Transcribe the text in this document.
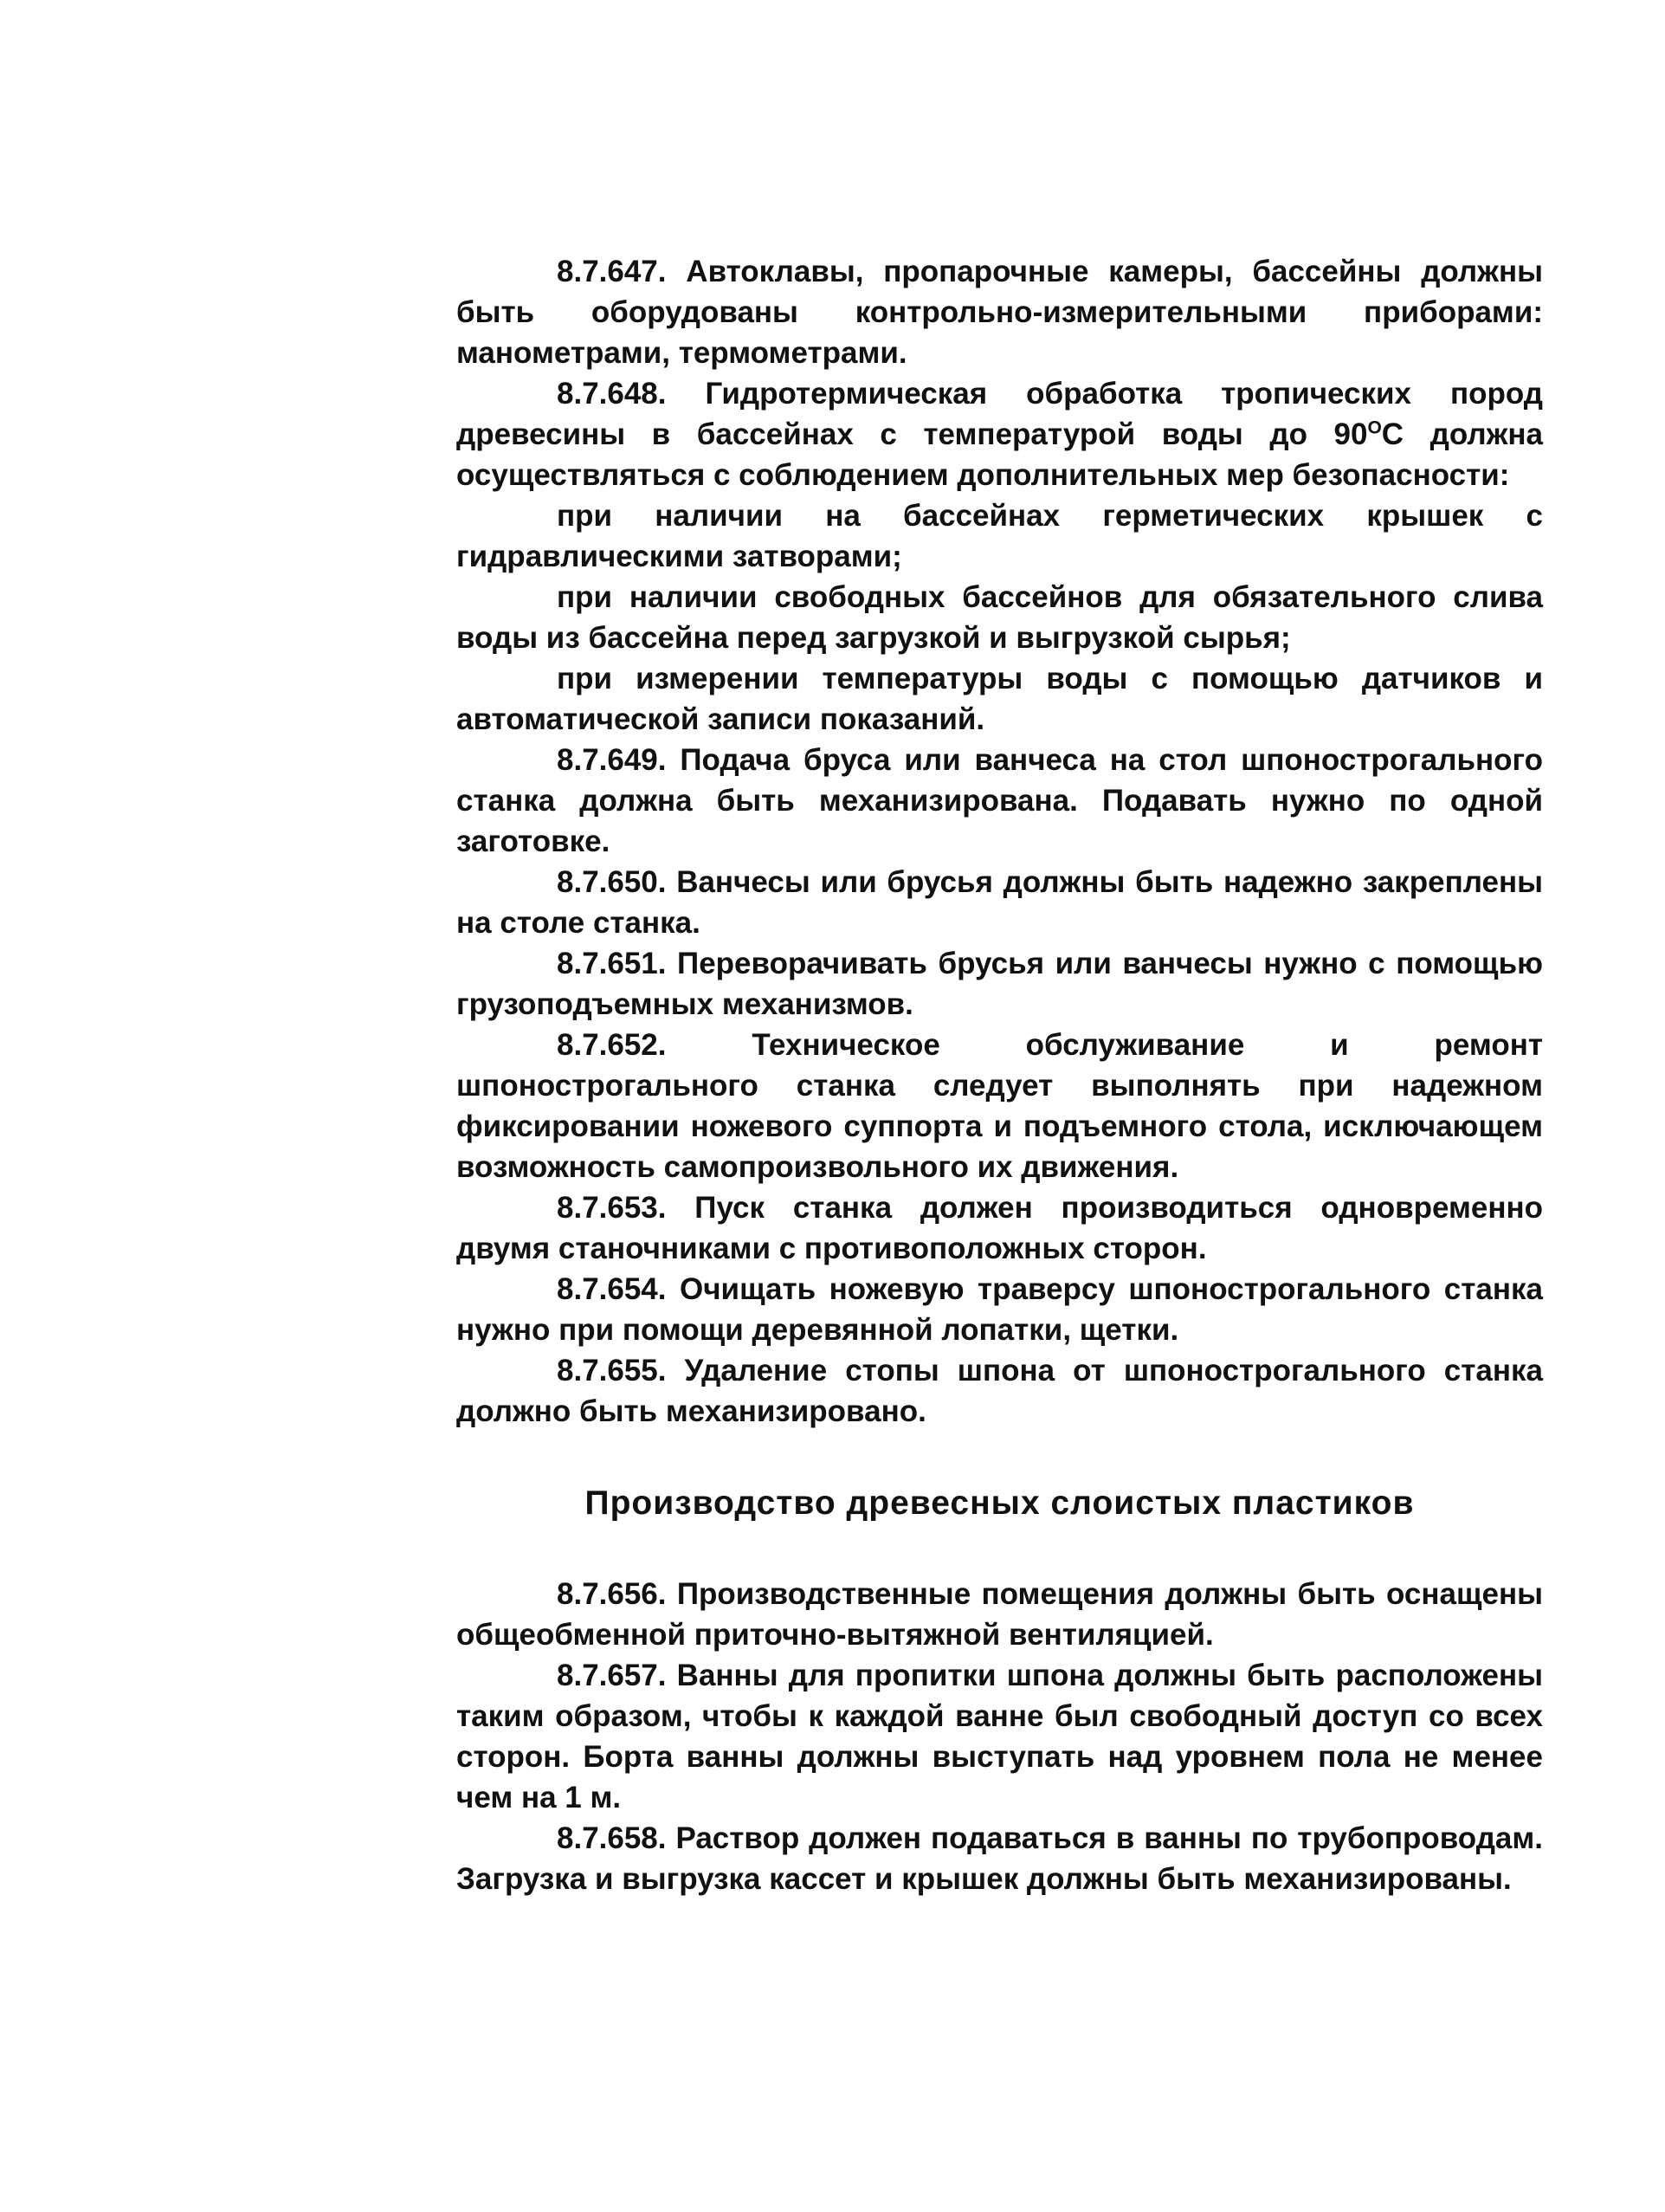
8.7.647. Автоклавы, пропарочные камеры, бассейны должны быть оборудованы контрольно-измерительными приборами: манометрами, термометрами.

8.7.648. Гидротермическая обработка тропических пород древесины в бассейнах с температурой воды до $90^OС$ должна осуществляться с соблюдением дополнительных мер безопасности:

при наличии на бассейнах герметических крышек с гидравлическими затворами;

при наличии свободных бассейнов для обязательного слива воды из бассейна перед загрузкой и выгрузкой сырья;

при измерении температуры воды с помощью датчиков и автоматической записи показаний.

8.7.649. Подача бруса или ванчеса на стол шпонострогального станка должна быть механизирована. Подавать нужно по одной заготовке.

8.7.650. Ванчесы или брусья должны быть надежно закреплены на столе станка.

8.7.651. Переворачивать брусья или ванчесы нужно с помощью грузоподъемных механизмов.

8.7.652. Техническое обслуживание и ремонт шпонострогального станка следует выполнять при надежном фиксировании ножевого суппорта и подъемного стола, исключающем возможность самопроизвольного их движения.

8.7.653. Пуск станка должен производиться одновременно двумя станочниками с противоположных сторон.

8.7.654. Очищать ножевую траверсу шпонострогального станка нужно при помощи деревянной лопатки, щетки.

8.7.655. Удаление стопы шпона от шпонострогального станка должно быть механизировано.

Производство древесных слоистых пластиков

8.7.656. Производственные помещения должны быть оснащены общеобменной приточно-вытяжной вентиляцией.

8.7.657. Ванны для пропитки шпона должны быть расположены таким образом, чтобы к каждой ванне был свободный доступ со всех сторон. Борта ванны должны выступать над уровнем пола не менее чем на 1 м.

8.7.658. Раствор должен подаваться в ванны по трубопроводам. Загрузка и выгрузка кассет и крышек должны быть механизированы.
